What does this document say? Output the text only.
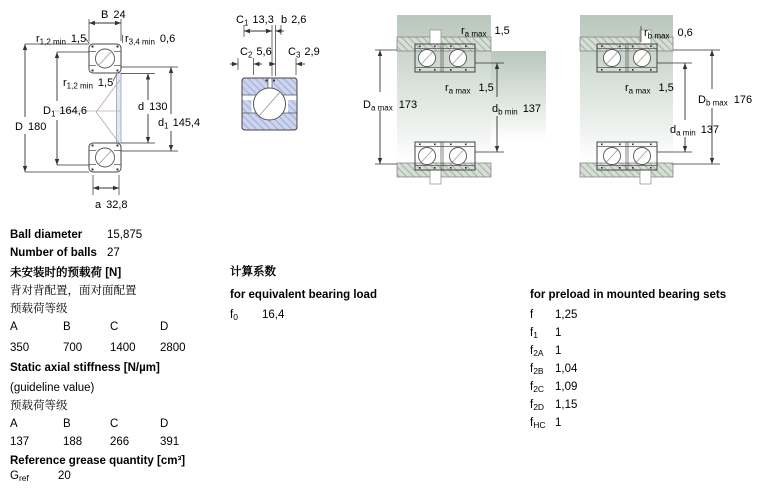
B 24
a 32,8
D 180
$D_1$ 164,6	d 130
$d_1$ 145,4
$r_{1,2 min}$ 1,5	$r_{3,4 min}$ 0,6
$r_{1,2 min}$ 1,5
$C_1$ 13,3 b 2,6
$C_2$ 5,6 $C_3$ 2,9
$D_{a max}$ 173	$d_{b min}$ 137
$r_{a max}$ 1,5
$r_{a max}$ 1,5
$r_{b max}$ 0,6
$r_{a max}$ 1,5
$D_{b max}$ 176
$d_{a min}$ 137
Ball diameter 15,875
Number of balls 27
未安装时的预载荷 [N]
背对背配置，面对面配置
预载荷等级
A	B	C	D
350	700 1400 2800
Static axial stiffness [N/µm]
(guideline value)
预载荷等级
A	B	C	D
137	188 266	391
Reference grease quantity [cm³]
Gref	20
计算系数
for equivalent bearing load
f0 16,4
for preload in mounted bearing sets
f 1,25
f1 1
f2A 1
f2B 1,04
f2C 1,09
f2D 1,15
fHC 1
